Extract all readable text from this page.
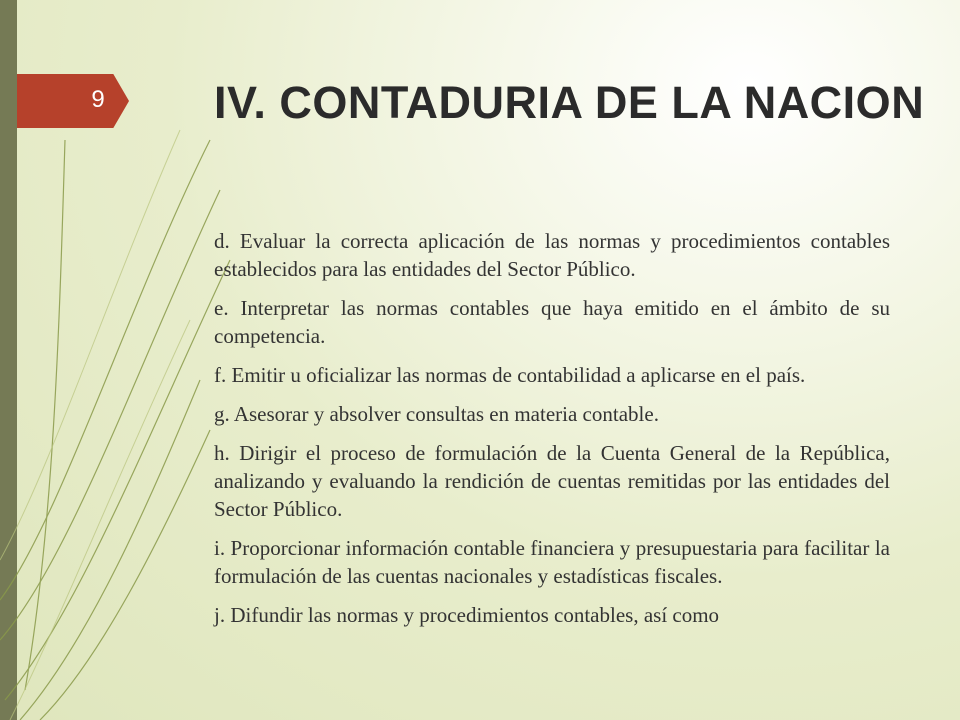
9 IV. CONTADURIA DE LA NACION
d. Evaluar la correcta aplicación de las normas y procedimientos contables establecidos para las entidades del Sector Público.
e. Interpretar las normas contables que haya emitido en el ámbito de su competencia.
f. Emitir u oficializar las normas de contabilidad a aplicarse en el país.
g. Asesorar y absolver consultas en materia contable.
h. Dirigir el proceso de formulación de la Cuenta General de la República, analizando y evaluando la rendición de cuentas remitidas por las entidades del Sector Público.
i. Proporcionar información contable financiera y presupuestaria para facilitar la formulación de las cuentas nacionales y estadísticas fiscales.
j. Difundir las normas y procedimientos contables, así como
